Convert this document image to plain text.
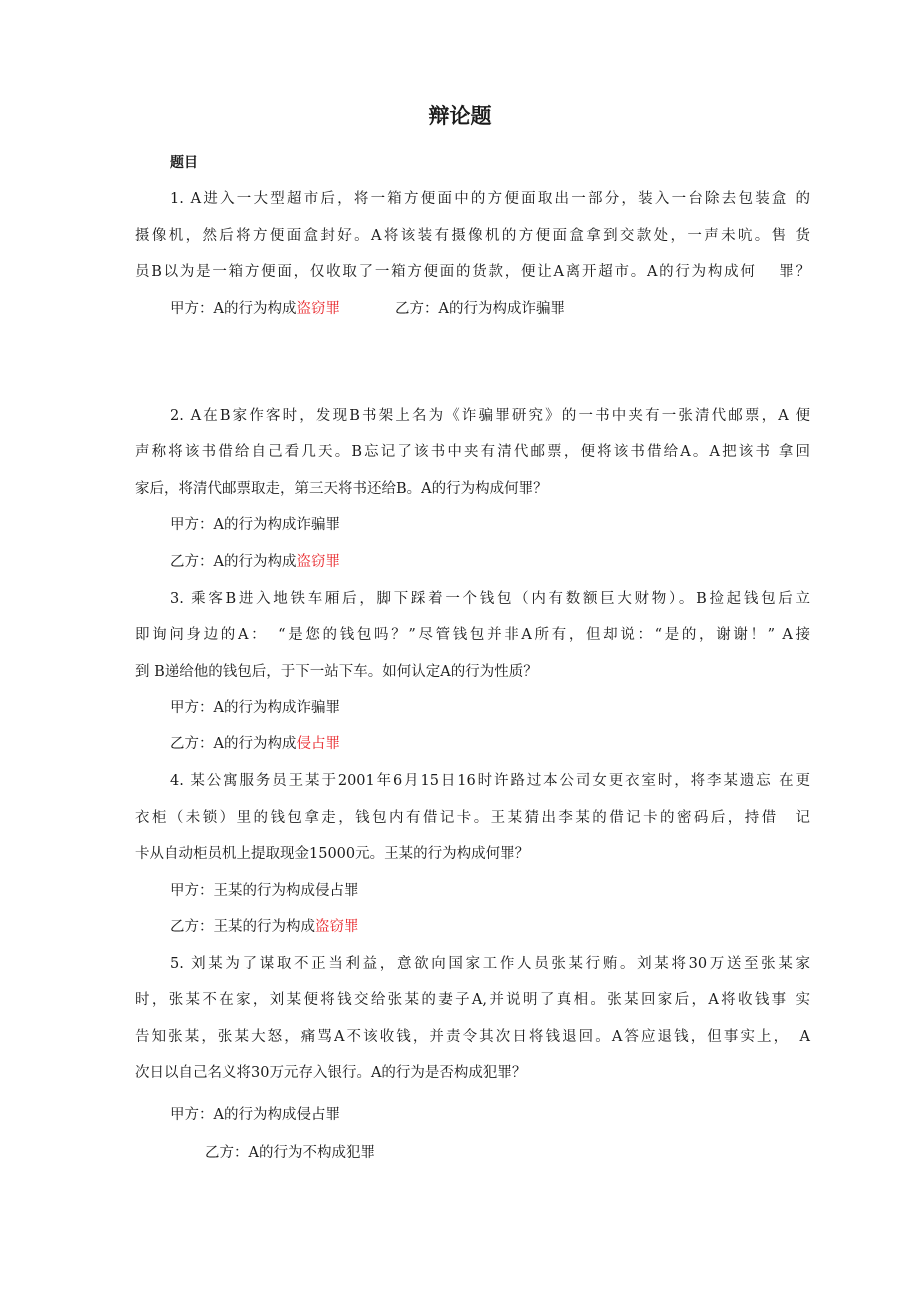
辩论题
题目
1. A进入一大型超市后，将一箱方便面中的方便面取出一部分，装入一台除去包装盒 的
摄像机，然后将方便面盒封好。A将该装有摄像机的方便面盒拿到交款处，一声未吭。售 货
员B以为是一箱方便面，仅收取了一箱方便面的货款，便让A离开超市。A的行为构成何　 罪？
甲方：A的行为构成盗窃罪	乙方：A的行为构成诈骗罪
2. A在B家作客时，发现B书架上名为《诈骗罪研究》的一书中夹有一张清代邮票，A 便
声称将该书借给自己看几天。B忘记了该书中夹有清代邮票，便将该书借给A。A把该书 拿回
家后，将清代邮票取走，第三天将书还给B。A的行为构成何罪？
甲方：A的行为构成诈骗罪
乙方：A的行为构成盗窃罪
3. 乘客B进入地铁车厢后，脚下踩着一个钱包（内有数额巨大财物）。B捡起钱包后立
即询问身边的A：　“是您的钱包吗？”尽管钱包并非A所有，但却说：“是的，谢谢！” A接
到 B递给他的钱包后，于下一站下车。如何认定A的行为性质？
甲方：A的行为构成诈骗罪
乙方：A的行为构成侵占罪
4. 某公寓服务员王某于2001年6月15日16时许路过本公司女更衣室时，将李某遗忘 在更
衣柜（未锁）里的钱包拿走，钱包内有借记卡。王某猜出李某的借记卡的密码后，持借　记
卡从自动柜员机上提取现金15000元。王某的行为构成何罪？
甲方：王某的行为构成侵占罪
乙方：王某的行为构成盗窃罪
5. 刘某为了谋取不正当利益，意欲向国家工作人员张某行贿。刘某将30万送至张某家
时，张某不在家，刘某便将钱交给张某的妻子A,并说明了真相。张某回家后，A将收钱事 实
告知张某，张某大怒，痛骂A不该收钱，并责令其次日将钱退回。A答应退钱，但事实上，　A
次日以自己名义将30万元存入银行。A的行为是否构成犯罪？
甲方：A的行为构成侵占罪
乙方：A的行为不构成犯罪
